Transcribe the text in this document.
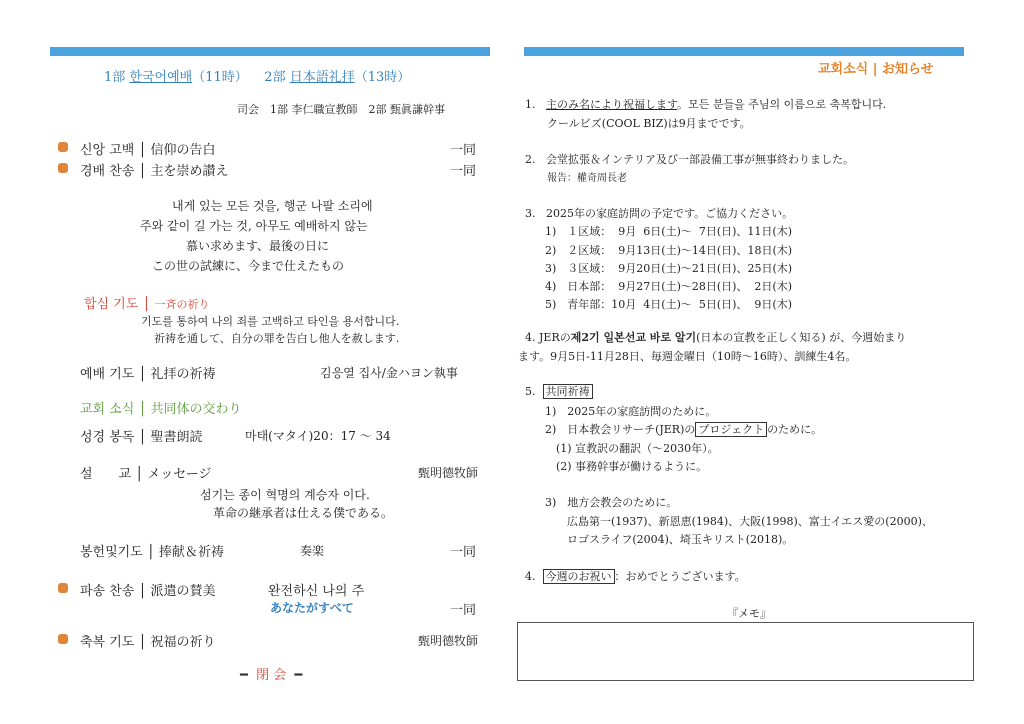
1部 한국어예배（11時） 2部 日本語礼拝（13時）
司会　1部 李仁職宣教師　2部 甄眞謙幹事
신앙 고백 │ 信仰の告白	一同
경배 찬송 │ 主を崇め讃え	一同
내게 있는 모든 것을, 행군 나팔 소리에
주와 같이 길 가는 것, 아무도 예배하지 않는
慕い求めます、最後の日に
この世の試練に、今まで仕えたもの
합심 기도 │ 一斉の祈り
기도를 통하여 나의 죄를 고백하고 타인을 용서합니다.
祈祷を通して、自分の罪を告白し他人を赦します.
예배 기도 │ 礼拝の祈祷	김응열 집사/金ハヨン執事
교회 소식 │ 共同体の交わり
성경 봉독 │ 聖書朗読	마태(マタイ)20：17 ～ 34
설　　교 │ メッセージ	甄明德牧師
섬기는 종이 혁명의 계승자 이다.
革命の継承者は仕える僕である。
봉헌및기도 │ 捧献＆祈祷	奏楽	一同
파송 찬송 │ 派遣の賛美	완전하신 나의 주
あなたがすべて	一同
축복 기도 │ 祝福の祈り	甄明德牧師
━ 閉 会 ━
교회소식 | お知らせ
1. 主のみ名により祝福します。모든 분들을 주님의 이름으로 축복합니다.
クールビズ(COOL BIZ)は9月までです。
2. 会堂拡張＆インテリア及び一部設備工事が無事終わりました。
報告：權奇周長老
3. 2025年の家庭訪問の予定です。ご協力ください。
1)　１区域：  9月  6日(土)～  7日(日)、11日(木)
2)　２区域：  9月13日(土)～14日(日)、18日(木)
3)　３区域：  9月20日(土)～21日(日)、25日(木)
4)　日本部：  9月27日(土)～28日(日)、  2日(木)
5)　青年部：10月  4日(土)～  5日(日)、  9日(木)
4. JERの제2기 일본선교 바로 알기(日本の宣教を正しく知る) が、今週始まり
ます。9月5日-11月28日、毎週金曜日（10時～16時）、訓練生4名。
5. 共同祈祷
1)　2025年の家庭訪問のために。
2)　日本教会リサーチ(JER)の プロジェクト のために。
(1) 宣教訳の翻訳（～2030年）。
(2) 事務幹事が働けるように。
3)　地方会教会のために。
広島第一(1937)、新恩恵(1984)、大阪(1998)、富士イエス愛の(2000)、
ロゴスライフ(2004)、埼玉キリスト(2018)。
4. 今週のお祝い ：おめでとうございます。
『メモ』
